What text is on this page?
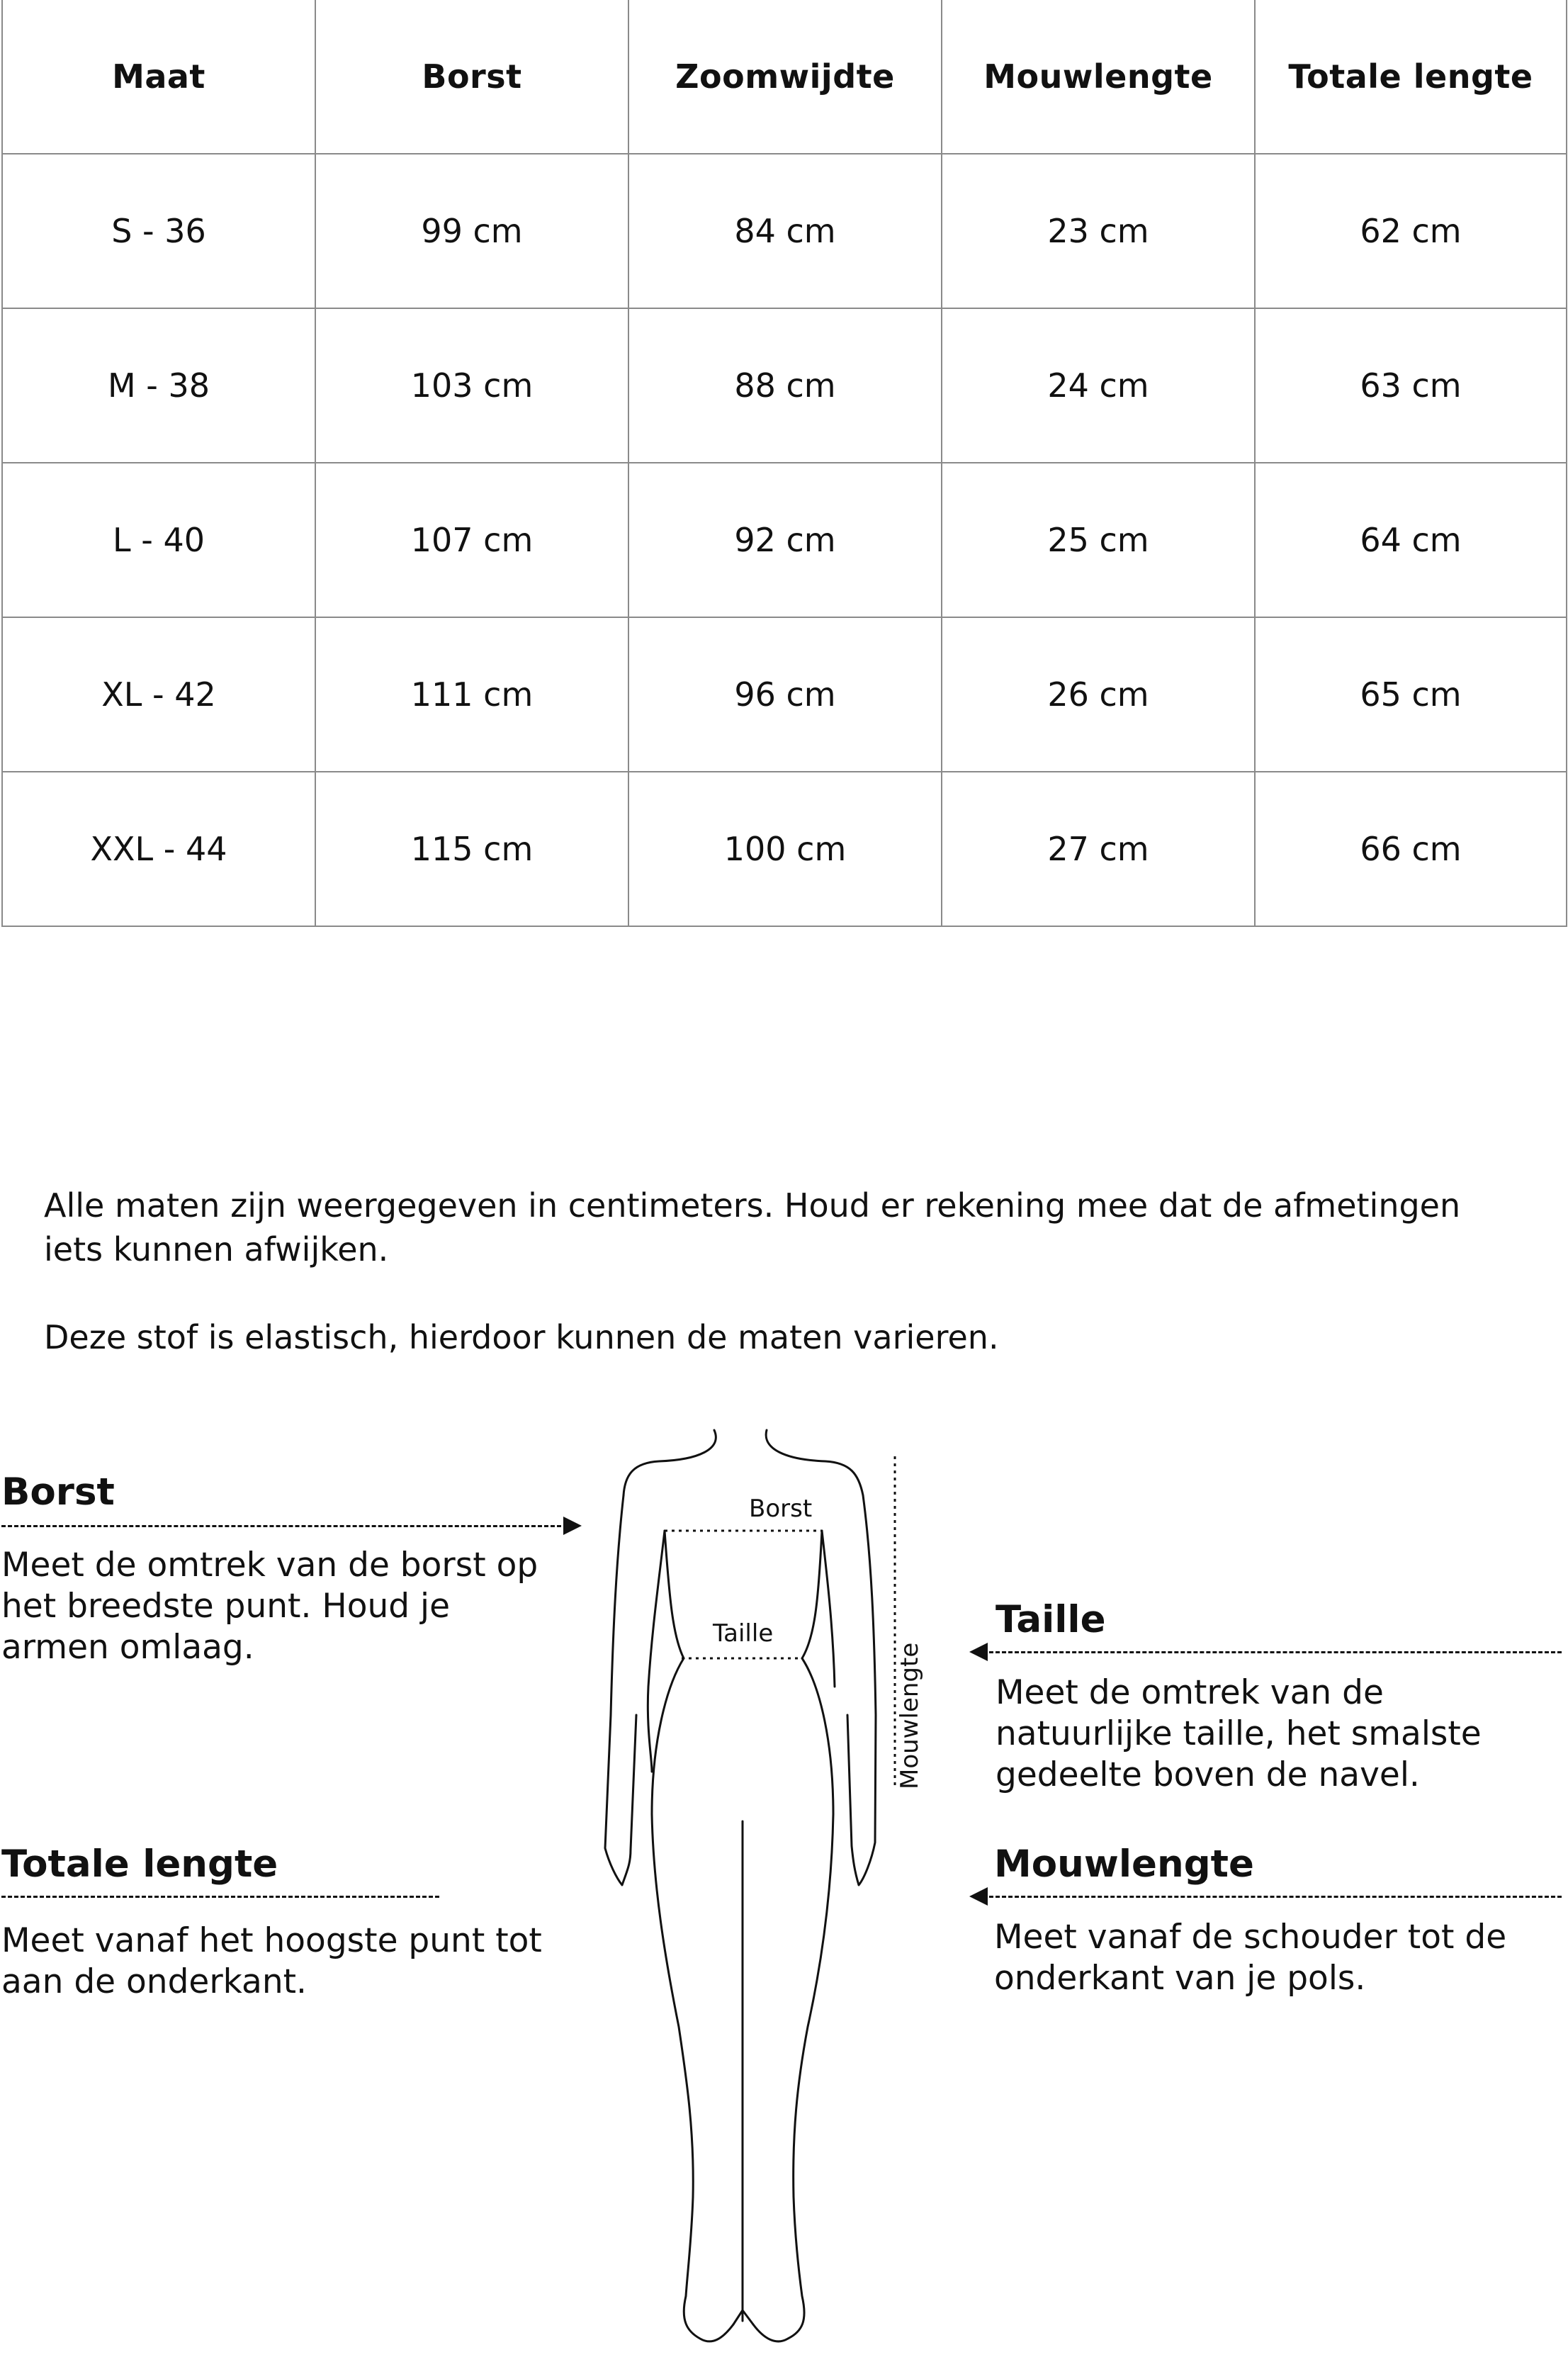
Maat	Borst	Zoomwijdte	Mouwlengte	Totale lengte
S - 36	99 cm	84 cm	23 cm	62 cm
M - 38	103 cm	88 cm	24 cm	63 cm
L - 40	107 cm	92 cm	25 cm	64 cm
XL - 42	111 cm	96 cm	26 cm	65 cm
XXL - 44	115 cm	100 cm	27 cm	66 cm

Alle maten zijn weergegeven in centimeters. Houd er rekening mee dat de afmetingen iets kunnen afwijken.

Deze stof is elastisch, hierdoor kunnen de maten varieren.

Borst

Meet de omtrek van de borst op het breedste punt. Houd je armen omlaag.

Totale lengte

Meet vanaf het hoogste punt tot aan de onderkant.

Taille

Meet de omtrek van de natuurlijke taille, het smalste gedeelte boven de navel.

Mouwlengte

Meet vanaf de schouder tot de onderkant van je pols.

Borst
Taille
Mouwlengte
